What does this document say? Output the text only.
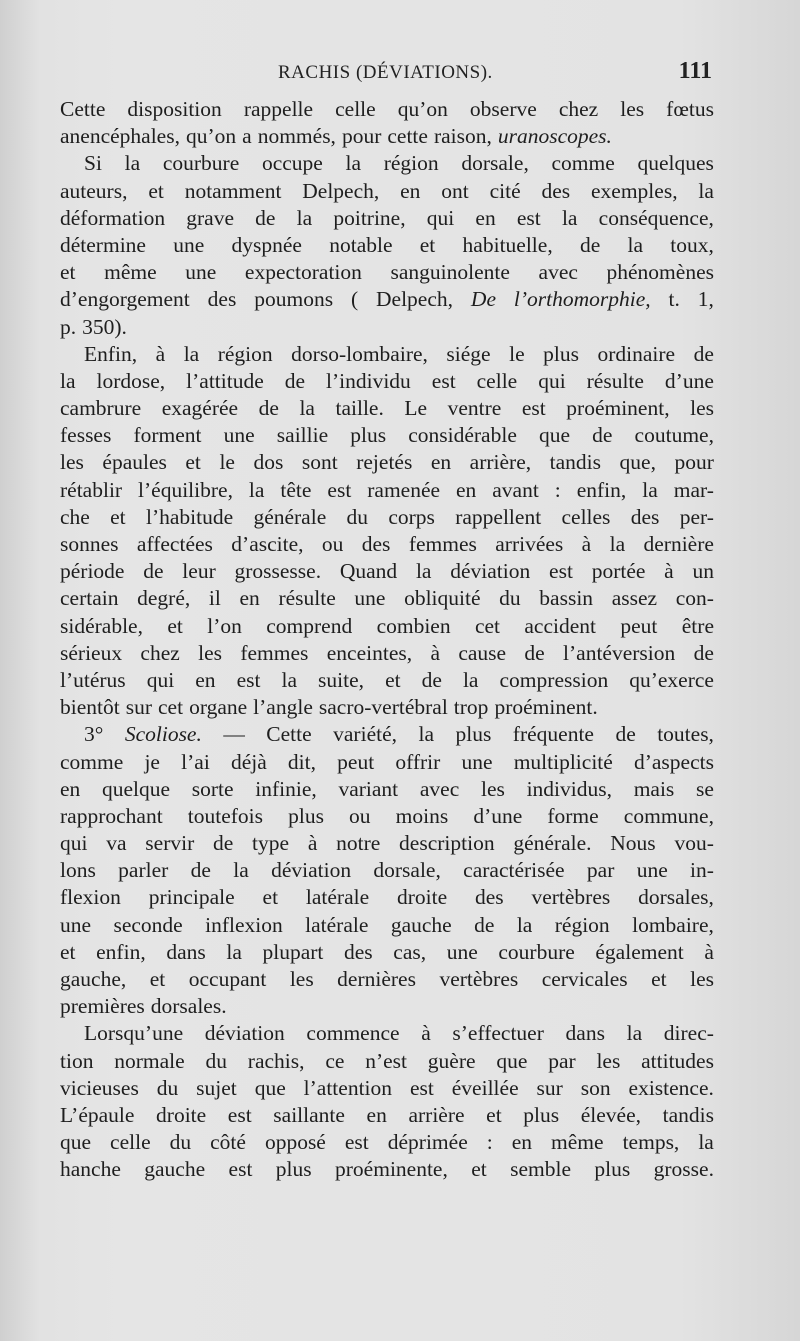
RACHIS (DÉVIATIONS).	111
Cette disposition rappelle celle qu’on observe chez les fœtus
anencéphales, qu’on a nommés, pour cette raison, uranoscopes.
Si la courbure occupe la région dorsale, comme quelques
auteurs, et notamment Delpech, en ont cité des exemples, la
déformation grave de la poitrine, qui en est la conséquence,
détermine une dyspnée notable et habituelle, de la toux,
et même une expectoration sanguinolente avec phénomènes
d’engorgement des poumons ( Delpech, De l’orthomorphie, t. 1,
p. 350).
Enfin, à la région dorso-lombaire, siége le plus ordinaire de
la lordose, l’attitude de l’individu est celle qui résulte d’une
cambrure exagérée de la taille. Le ventre est proéminent, les
fesses forment une saillie plus considérable que de coutume,
les épaules et le dos sont rejetés en arrière, tandis que, pour
rétablir l’équilibre, la tête est ramenée en avant : enfin, la mar-
che et l’habitude générale du corps rappellent celles des per-
sonnes affectées d’ascite, ou des femmes arrivées à la dernière
période de leur grossesse. Quand la déviation est portée à un
certain degré, il en résulte une obliquité du bassin assez con-
sidérable, et l’on comprend combien cet accident peut être
sérieux chez les femmes enceintes, à cause de l’antéversion de
l’utérus qui en est la suite, et de la compression qu’exerce
bientôt sur cet organe l’angle sacro-vertébral trop proéminent.
3° Scoliose. — Cette variété, la plus fréquente de toutes,
comme je l’ai déjà dit, peut offrir une multiplicité d’aspects
en quelque sorte infinie, variant avec les individus, mais se
rapprochant toutefois plus ou moins d’une forme commune,
qui va servir de type à notre description générale. Nous vou-
lons parler de la déviation dorsale, caractérisée par une in-
flexion principale et latérale droite des vertèbres dorsales,
une seconde inflexion latérale gauche de la région lombaire,
et enfin, dans la plupart des cas, une courbure également à
gauche, et occupant les dernières vertèbres cervicales et les
premières dorsales.
Lorsqu’une déviation commence à s’effectuer dans la direc-
tion normale du rachis, ce n’est guère que par les attitudes
vicieuses du sujet que l’attention est éveillée sur son existence.
L’épaule droite est saillante en arrière et plus élevée, tandis
que celle du côté opposé est déprimée : en même temps, la
hanche gauche est plus proéminente, et semble plus grosse.
